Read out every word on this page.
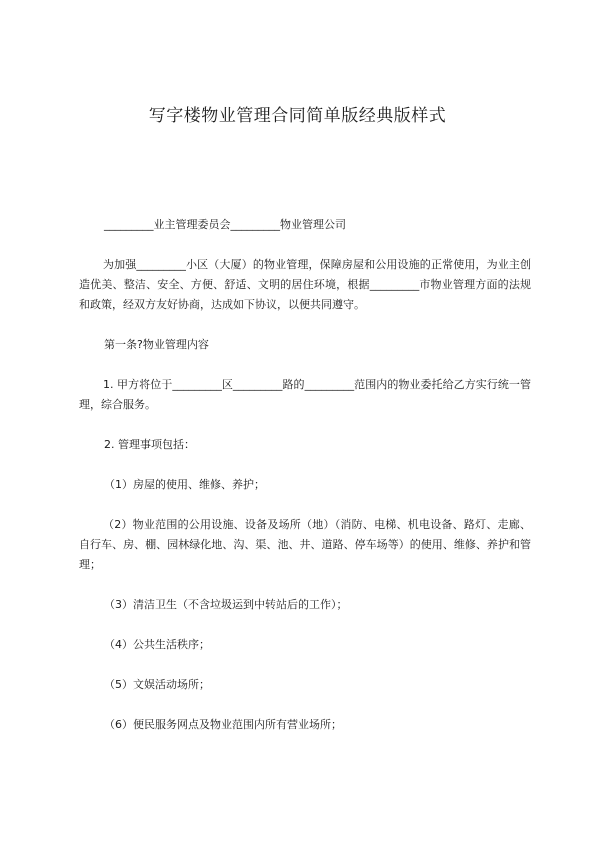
写字楼物业管理合同简单版经典版样式
_________业主管理委员会_________物业管理公司
为加强_________小区（大厦）的物业管理，保障房屋和公用设施的正常使用，为业主创造优美、整洁、安全、方便、舒适、文明的居住环境，根据_________市物业管理方面的法规和政策，经双方友好协商，达成如下协议，以便共同遵守。
第一条?物业管理内容
1. 甲方将位于_________区_________路的_________范围内的物业委托给乙方实行统一管理，综合服务。
2. 管理事项包括：
（1）房屋的使用、维修、养护；
（2）物业范围的公用设施、设备及场所（地）（消防、电梯、机电设备、路灯、走廊、自行车、房、棚、园林绿化地、沟、渠、池、井、道路、停车场等）的使用、维修、养护和管理；
（3）清洁卫生（不含垃圾运到中转站后的工作）；
（4）公共生活秩序；
（5）文娱活动场所；
（6）便民服务网点及物业范围内所有营业场所；
